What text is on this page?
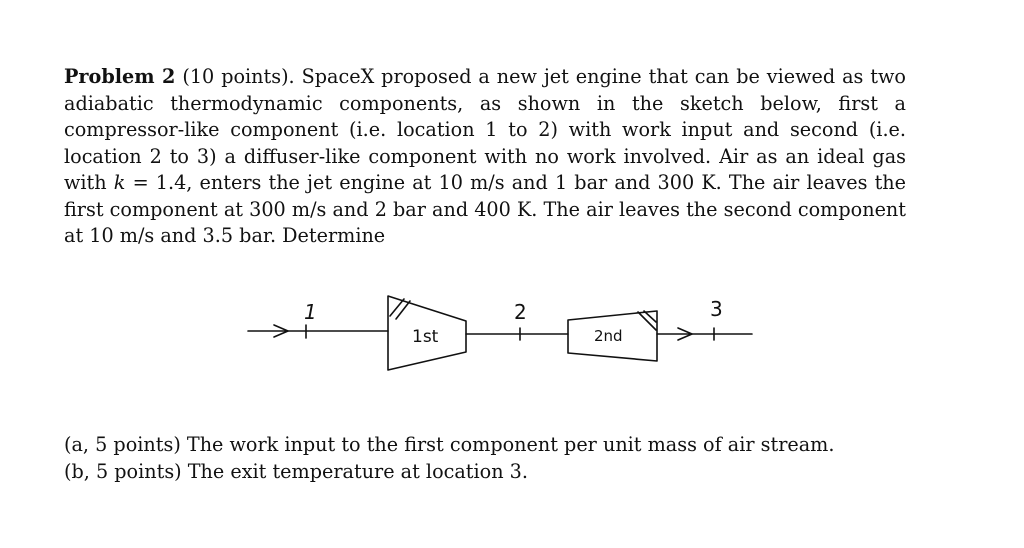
Problem 2 (10 points). SpaceX proposed a new jet engine that can be viewed as two adiabatic thermodynamic components, as shown in the sketch below, first a compressor-like component (i.e. location 1 to 2) with work input and second (i.e. location 2 to 3) a diffuser-like component with no work involved. Air as an ideal gas with k = 1.4, enters the jet engine at 10 m/s and 1 bar and 300 K. The air leaves the first component at 300 m/s and 2 bar and 400 K. The air leaves the second component at 10 m/s and 3.5 bar. Determine

1	2	3
1st	2nd
(a, 5 points) The work input to the first component per unit mass of air stream.
(b, 5 points) The exit temperature at location 3.
